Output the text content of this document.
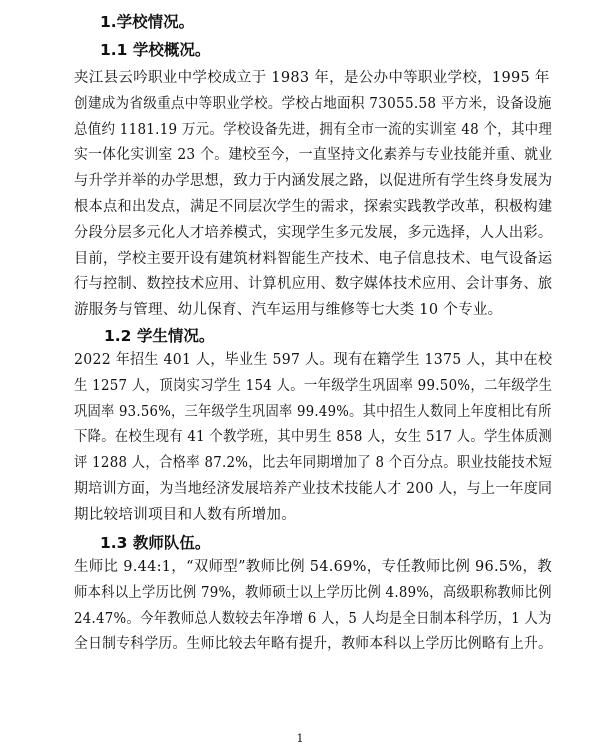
1.学校情况。
1.1 学校概况。
夹江县云吟职业中学校成立于 1983 年，是公办中等职业学校，1995 年
创建成为省级重点中等职业学校。学校占地面积 73055.58 平方米，设备设施
总值约 1181.19 万元。学校设备先进，拥有全市一流的实训室 48 个，其中理
实一体化实训室 23 个。建校至今，一直坚持文化素养与专业技能并重、就业
与升学并举的办学思想，致力于内涵发展之路，以促进所有学生终身发展为
根本点和出发点，满足不同层次学生的需求，探索实践教学改革，积极构建
分段分层多元化人才培养模式，实现学生多元发展，多元选择，人人出彩。
目前，学校主要开设有建筑材料智能生产技术、电子信息技术、电气设备运
行与控制、数控技术应用、计算机应用、数字媒体技术应用、会计事务、旅
游服务与管理、幼儿保育、汽车运用与维修等七大类 10 个专业。
1.2 学生情况。
2022 年招生 401 人，毕业生 597 人。现有在籍学生 1375 人，其中在校
生 1257 人，顶岗实习学生 154 人。一年级学生巩固率 99.50%，二年级学生
巩固率 93.56%，三年级学生巩固率 99.49%。其中招生人数同上年度相比有所
下降。在校生现有 41 个教学班，其中男生 858 人，女生 517 人。学生体质测
评 1288 人，合格率 87.2%，比去年同期增加了 8 个百分点。职业技能技术短
期培训方面，为当地经济发展培养产业技术技能人才 200 人，与上一年度同
期比较培训项目和人数有所增加。
1.3 教师队伍。
生师比 9.44:1，“双师型”教师比例 54.69%，专任教师比例 96.5%，教
师本科以上学历比例 79%，教师硕士以上学历比例 4.89%，高级职称教师比例
24.47%。今年教师总人数较去年净增 6 人，5 人均是全日制本科学历，1 人为
全日制专科学历。生师比较去年略有提升，教师本科以上学历比例略有上升。
1
